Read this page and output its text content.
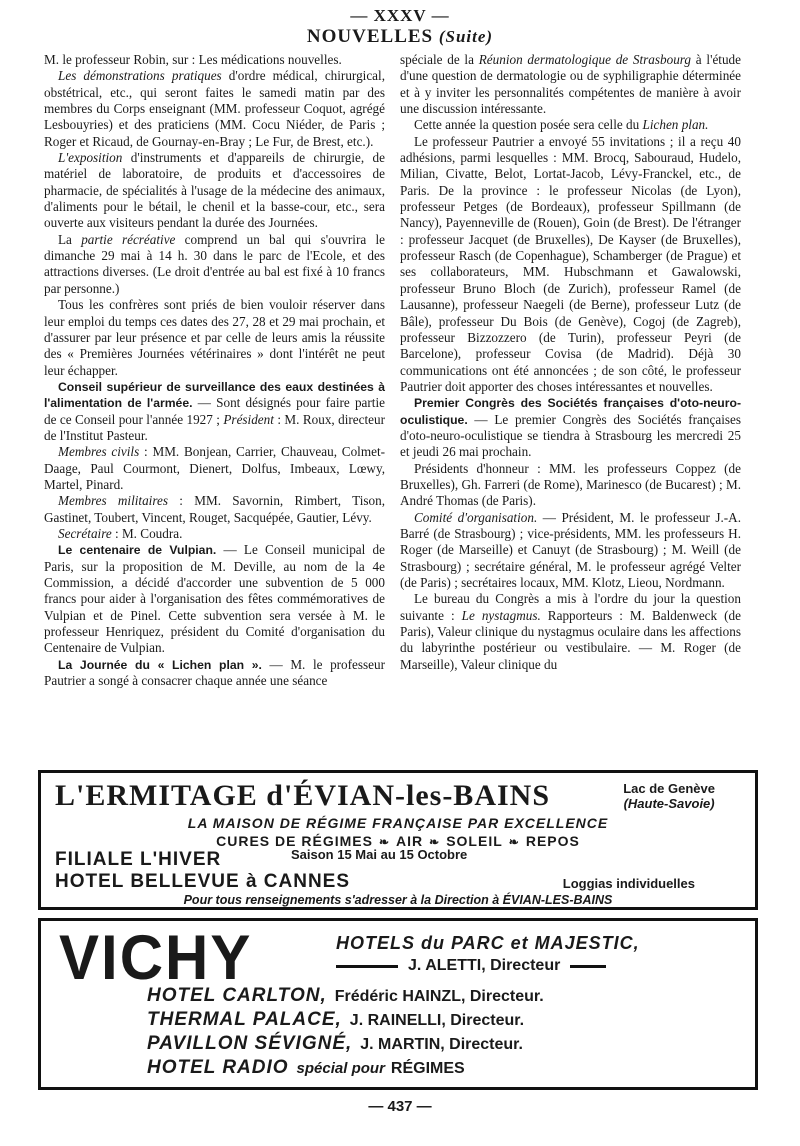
— XXXV —
NOUVELLES (Suite)

M. le professeur Robin, sur : Les médications nouvelles.

Les démonstrations pratiques d'ordre médical, chirurgical, obstétrical, etc., qui seront faites le samedi matin par des membres du Corps enseignant (MM. professeur Coquot, agrégé Lesbouyries) et des praticiens (MM. Cocu Niéder, de Paris ; Roger et Ricaud, de Gournay-en-Bray ; Le Fur, de Brest, etc.).

L'exposition d'instruments et d'appareils de chirurgie, de matériel de laboratoire, de produits et d'accessoires de pharmacie, de spécialités à l'usage de la médecine des animaux, d'aliments pour le bétail, le chenil et la basse-cour, etc., sera ouverte aux visiteurs pendant la durée des Journées.

La partie récréative comprend un bal qui s'ouvrira le dimanche 29 mai à 14 h. 30 dans le parc de l'Ecole, et des attractions diverses. (Le droit d'entrée au bal est fixé à 10 francs par personne.)

Tous les confrères sont priés de bien vouloir réserver dans leur emploi du temps ces dates des 27, 28 et 29 mai prochain, et d'assurer par leur présence et par celle de leurs amis la réussite des « Premières Journées vétérinaires » dont l'intérêt ne peut leur échapper.

Conseil supérieur de surveillance des eaux destinées à l'alimentation de l'armée. — Sont désignés pour faire partie de ce Conseil pour l'année 1927 ; Président : M. Roux, directeur de l'Institut Pasteur.

Membres civils : MM. Bonjean, Carrier, Chauveau, Colmet-Daage, Paul Courmont, Dienert, Dolfus, Imbeaux, Lœwy, Martel, Pinard.

Membres militaires : MM. Savornin, Rimbert, Tison, Gastinet, Toubert, Vincent, Rouget, Sacquépée, Gautier, Lévy.

Secrétaire : M. Coudra.

Le centenaire de Vulpian. — Le Conseil municipal de Paris, sur la proposition de M. Deville, au nom de la 4e Commission, a décidé d'accorder une subvention de 5 000 francs pour aider à l'organisation des fêtes commémoratives de Vulpian et de Pinel. Cette subvention sera versée à M. le professeur Henriquez, président du Comité d'organisation du Centenaire de Vulpian.

La Journée du « Lichen plan ». — M. le professeur Pautrier a songé à consacrer chaque année une séance

spéciale de la Réunion dermatologique de Strasbourg à l'étude d'une question de dermatologie ou de syphiligraphie déterminée et à y inviter les personnalités compétentes de manière à avoir une discussion intéressante.

Cette année la question posée sera celle du Lichen plan.

Le professeur Pautrier a envoyé 55 invitations ; il a reçu 40 adhésions, parmi lesquelles : MM. Brocq, Sabouraud, Hudelo, Milian, Civatte, Belot, Lortat-Jacob, Lévy-Franckel, etc., de Paris. De la province : le professeur Nicolas (de Lyon), professeur Petges (de Bordeaux), professeur Spillmann (de Nancy), Payenneville de (Rouen), Goin (de Brest). De l'étranger : professeur Jacquet (de Bruxelles), De Kayser (de Bruxelles), professeur Rasch (de Copenhague), Schamberger (de Prague) et ses collaborateurs, MM. Hubschmann et Gawalowski, professeur Bruno Bloch (de Zurich), professeur Ramel (de Lausanne), professeur Naegeli (de Berne), professeur Lutz (de Bâle), professeur Du Bois (de Genève), Cogoj (de Zagreb), professeur Bizzozzero (de Turin), professeur Peyri (de Barcelone), professeur Covisa (de Madrid). Déjà 30 communications ont été annoncées ; de son côté, le professeur Pautrier doit apporter des choses intéressantes et nouvelles.

Premier Congrès des Sociétés françaises d'oto-neuro-oculistique. — Le premier Congrès des Sociétés françaises d'oto-neuro-oculistique se tiendra à Strasbourg les mercredi 25 et jeudi 26 mai prochain.

Présidents d'honneur : MM. les professeurs Coppez (de Bruxelles), Gh. Farreri (de Rome), Marinesco (de Bucarest) ; M. André Thomas (de Paris).

Comité d'organisation. — Président, M. le professeur J.-A. Barré (de Strasbourg) ; vice-présidents, MM. les professeurs H. Roger (de Marseille) et Canuyt (de Strasbourg) ; M. Weill (de Strasbourg) ; secrétaire général, M. le professeur agrégé Velter (de Paris) ; secrétaires locaux, MM. Klotz, Lieou, Nordmann.

Le bureau du Congrès a mis à l'ordre du jour la question suivante : Le nystagmus. Rapporteurs : M. Baldenweck (de Paris), Valeur clinique du nystagmus oculaire dans les affections du labyrinthe postérieur ou vestibulaire. — M. Roger (de Marseille), Valeur clinique du

L'ERMITAGE d'ÉVIAN-les-BAINS	Lac de Genève
(Haute-Savoie)
LA MAISON DE RÉGIME FRANÇAISE PAR EXCELLENCE
CURES DE RÉGIMES ❧ AIR ❧ SOLEIL ❧ REPOS
FILIALE L'HIVER	Saison 15 Mai au 15 Octobre
HOTEL BELLEVUE à CANNES	Loggias individuelles
Pour tous renseignements s'adresser à la Direction à ÉVIAN-LES-BAINS
VICHY	HOTELS du PARC et MAJESTIC,
J. ALETTI, Directeur
HOTEL CARLTON, Frédéric HAINZL, Directeur.
THERMAL PALACE, J. RAINELLI, Directeur.
PAVILLON SÉVIGNÉ, J. MARTIN, Directeur.
HOTEL RADIO spécial pour RÉGIMES
— 437 —
